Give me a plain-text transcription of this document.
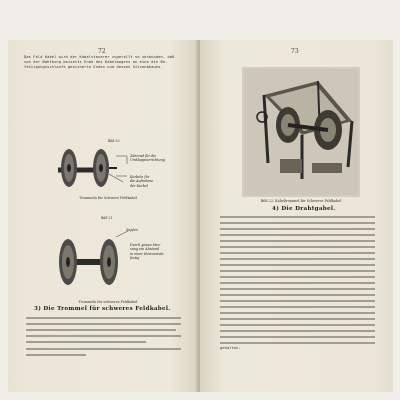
72
Das Feld Kabel wird der Kabelsteuerer zugerollt so verbunden, daß
von der Nahtkung beiseits Ende des Kabelbogens an eine die Be-
festigungsschlaufe gesicherte Enden und dessen Sitzenbhaues.
Bild 20
Zahnrad für die
Umklappvorrichtung
Kurbeln für
die Aufnahme
der Kurbel
Trommeln für Schwere Feldkabel
Bild 21
Zapfen
Durch genau Mes-
sung ein Abstand
in einer Horizontale
festig
Trommeln für schweres Feldkabel
3) Die Trommel für schweres Feldkabel.
73
Bild 22. Kabeltrommel für Schweres Feldkabel
4) Die Drahtgabel.
gehalten.
